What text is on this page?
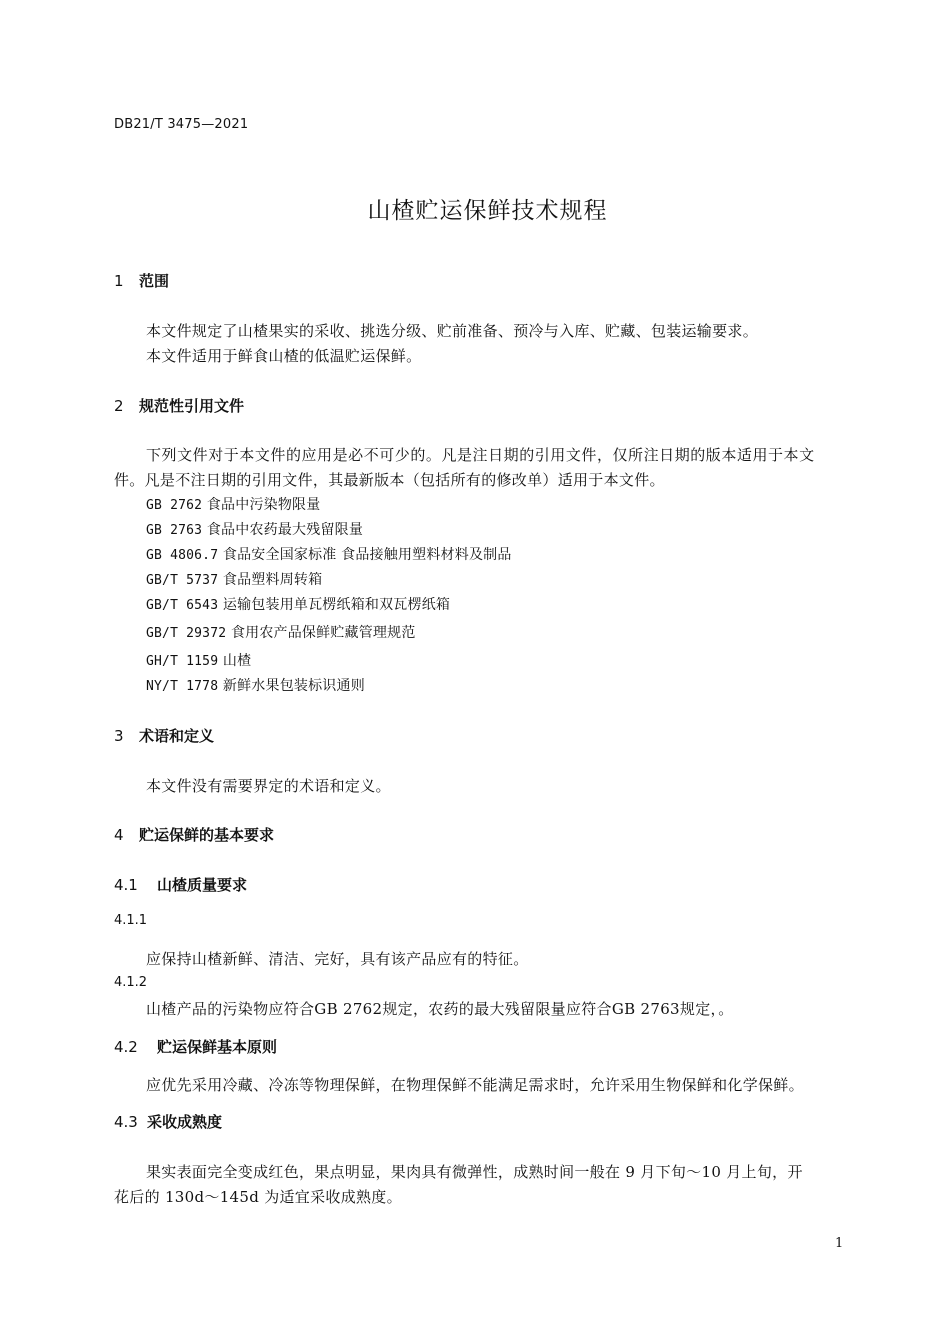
DB21/T 3475—2021
山楂贮运保鲜技术规程
1 范围
本文件规定了山楂果实的采收、挑选分级、贮前准备、预冷与入库、贮藏、包装运输要求。
本文件适用于鲜食山楂的低温贮运保鲜。
2 规范性引用文件
下列文件对于本文件的应用是必不可少的。凡是注日期的引用文件，仅所注日期的版本适用于本文
件。凡是不注日期的引用文件，其最新版本（包括所有的修改单）适用于本文件。
GB 2762 食品中污染物限量
GB 2763 食品中农药最大残留限量
GB 4806.7 食品安全国家标准 食品接触用塑料材料及制品
GB/T 5737 食品塑料周转箱
GB/T 6543 运输包装用单瓦楞纸箱和双瓦楞纸箱
GB/T 29372 食用农产品保鲜贮藏管理规范
GH/T 1159 山楂
NY/T 1778 新鲜水果包装标识通则
3 术语和定义
本文件没有需要界定的术语和定义。
4 贮运保鲜的基本要求
4.1 山楂质量要求
4.1.1
应保持山楂新鲜、清洁、完好，具有该产品应有的特征。
4.1.2
山楂产品的污染物应符合GB 2762规定，农药的最大残留限量应符合GB 2763规定，。
4.2 贮运保鲜基本原则
应优先采用冷藏、冷冻等物理保鲜，在物理保鲜不能满足需求时，允许采用生物保鲜和化学保鲜。
4.3 采收成熟度
果实表面完全变成红色，果点明显，果肉具有微弹性，成熟时间一般在 9 月下旬～10 月上旬，开
花后的 130d～145d 为适宜采收成熟度。
1
